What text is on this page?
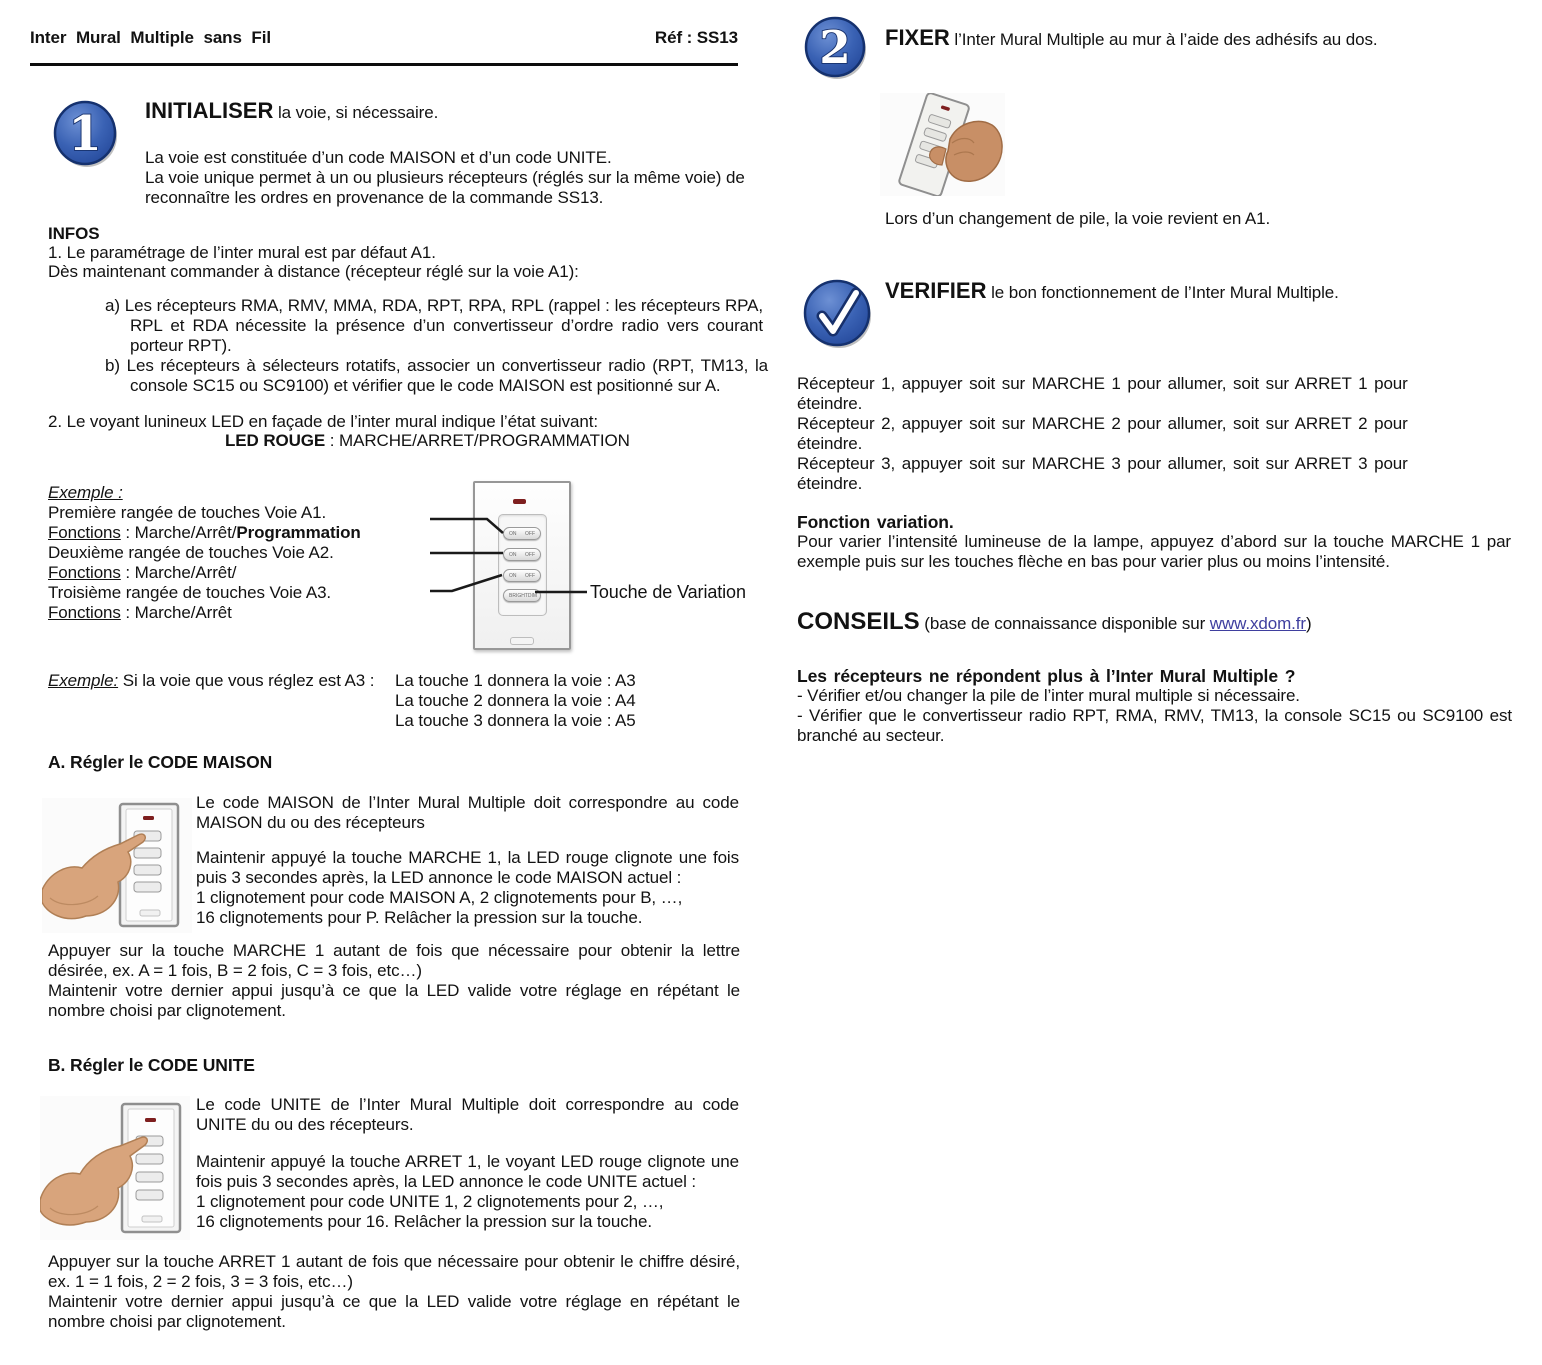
Inter Mural Multiple sans Fil	Réf : SS13
1 INITIALISER la voie, si nécessaire.
La voie est constituée d’un code MAISON et d’un code UNITE.
La voie unique permet à un ou plusieurs récepteurs (réglés sur la même voie) de
reconnaître les ordres en provenance de la commande SS13.
INFOS
1. Le paramétrage de l’inter mural est par défaut A1.
Dès maintenant commander à distance (récepteur réglé sur la voie A1):
a) Les récepteurs RMA, RMV, MMA, RDA, RPT, RPA, RPL (rappel : les récepteurs RPA, RPL et RDA nécessite la présence d’un convertisseur d’ordre radio vers courant porteur RPT).
b) Les récepteurs à sélecteurs rotatifs, associer un convertisseur radio (RPT, TM13, la console SC15 ou SC9100) et vérifier que le code MAISON est positionné sur A.
2. Le voyant lunineux LED en façade de l’inter mural indique l’état suivant:
LED ROUGE : MARCHE/ARRET/PROGRAMMATION
Exemple :
Première rangée de touches Voie A1.
Fonctions : Marche/Arrêt/Programmation
Deuxième rangée de touches Voie A2.
Fonctions : Marche/Arrêt/
Troisième rangée de touches Voie A3.
Fonctions : Marche/Arrêt
ON OFF
ON OFF
ON OFF
BRIGHT DIM	Touche de Variation
Exemple: Si la voie que vous réglez est A3 : La touche 1 donnera la voie : A3
La touche 2 donnera la voie : A4
La touche 3 donnera la voie : A5
A. Régler le CODE MAISON
Le code MAISON de l’Inter Mural Multiple doit correspondre au code MAISON du ou des récepteurs
Maintenir appuyé la touche MARCHE 1, la LED rouge clignote une fois puis 3 secondes après, la LED annonce le code MAISON actuel :
1 clignotement pour code MAISON A, 2 clignotements pour B, …,
16 clignotements pour P. Relâcher la pression sur la touche.
Appuyer sur la touche MARCHE 1 autant de fois que nécessaire pour obtenir la lettre désirée, ex. A = 1 fois, B = 2 fois, C = 3 fois, etc…)
Maintenir votre dernier appui jusqu’à ce que la LED valide votre réglage en répétant le nombre choisi par clignotement.
B. Régler le CODE UNITE
Le code UNITE de l’Inter Mural Multiple doit correspondre au code UNITE du ou des récepteurs.
Maintenir appuyé la touche ARRET 1, le voyant LED rouge clignote une fois puis 3 secondes après, la LED annonce le code UNITE actuel :
1 clignotement pour code UNITE 1, 2 clignotements pour 2, …,
16 clignotements pour 16. Relâcher la pression sur la touche.
Appuyer sur la touche ARRET 1 autant de fois que nécessaire pour obtenir le chiffre désiré, ex. 1 = 1 fois, 2 = 2 fois, 3 = 3 fois, etc…)
Maintenir votre dernier appui jusqu’à ce que la LED valide votre réglage en répétant le nombre choisi par clignotement.
2 FIXER l’Inter Mural Multiple au mur à l’aide des adhésifs au dos.
Lors d’un changement de pile, la voie revient en A1.
VERIFIER le bon fonctionnement de l’Inter Mural Multiple.
Récepteur 1, appuyer soit sur MARCHE 1 pour allumer, soit sur ARRET 1 pour éteindre.
Récepteur 2, appuyer soit sur MARCHE 2 pour allumer, soit sur ARRET 2 pour éteindre.
Récepteur 3, appuyer soit sur MARCHE 3 pour allumer, soit sur ARRET 3 pour éteindre.
Fonction variation.
Pour varier l’intensité lumineuse de la lampe, appuyez d’abord sur la touche MARCHE 1 par exemple puis sur les touches flèche en bas pour varier plus ou moins l’intensité.
CONSEILS (base de connaissance disponible sur www.xdom.fr)
Les récepteurs ne répondent plus à l’Inter Mural Multiple ?
- Vérifier et/ou changer la pile de l’inter mural multiple si nécessaire.
- Vérifier que le convertisseur radio RPT, RMA, RMV, TM13, la console SC15 ou SC9100 est branché au secteur.
